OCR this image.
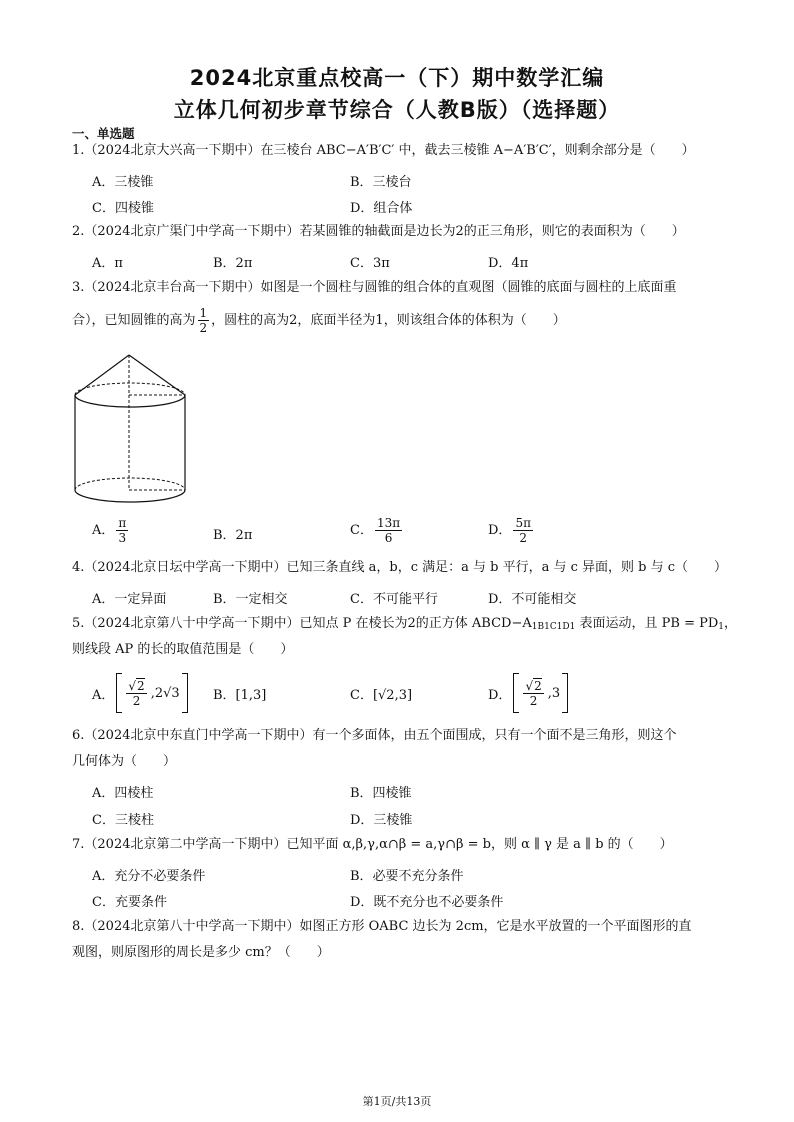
2024北京重点校高一（下）期中数学汇编
立体几何初步章节综合（人教B版）（选择题）
一、单选题
1.（2024北京大兴高一下期中）在三棱台 ABC−A′B′C′ 中，截去三棱锥 A−A′B′C′，则剩余部分是（　　）
A．三棱锥	B．三棱台
C．四棱锥	D．组合体
2.（2024北京广渠门中学高一下期中）若某圆锥的轴截面是边长为2的正三角形，则它的表面积为（　　）
A．π	B．2π	C．3π	D．4π
3.（2024北京丰台高一下期中）如图是一个圆柱与圆锥的组合体的直观图（圆锥的底面与圆柱的上底面重
合），已知圆锥的高为 $\frac{1}{2}$ ，圆柱的高为2，底面半径为1，则该组合体的体积为（　　）
A． $\frac{\pi}{3}$	B．2π	C． $\frac{13\pi}{6}$	D． $\frac{5\pi}{2}$
4.（2024北京日坛中学高一下期中）已知三条直线 a，b，c 满足：a 与 b 平行，a 与 c 异面，则 b 与 c（　　）
A．一定异面	B．一定相交	C．不可能平行	D．不可能相交
5.（2024北京第八十中学高一下期中）已知点 P 在棱长为2的正方体 $ABCD-A_{1B1C1D1}$ 表面运动，且 PB = $PD_1$，
则线段 AP 的长的取值范围是（　　）
A． $\frac{√2}{2} ,2√3$	B．[1,3]	C．[√2,3]	D． $\frac{√2}{2} ,3$
6.（2024北京中东直门中学高一下期中）有一个多面体，由五个面围成，只有一个面不是三角形，则这个
几何体为（　　）
A．四棱柱	B．四棱锥
C．三棱柱	D．三棱锥
7.（2024北京第二中学高一下期中）已知平面 α,β,γ,α∩β = a,γ∩β = b，则 α ∥ γ 是 a ∥ b 的（　　）
A．充分不必要条件	B．必要不充分条件
C．充要条件	D．既不充分也不必要条件
8.（2024北京第八十中学高一下期中）如图正方形 OABC 边长为 2cm，它是水平放置的一个平面图形的直
观图，则原图形的周长是多少 cm？（　　）
第1页/共13页
